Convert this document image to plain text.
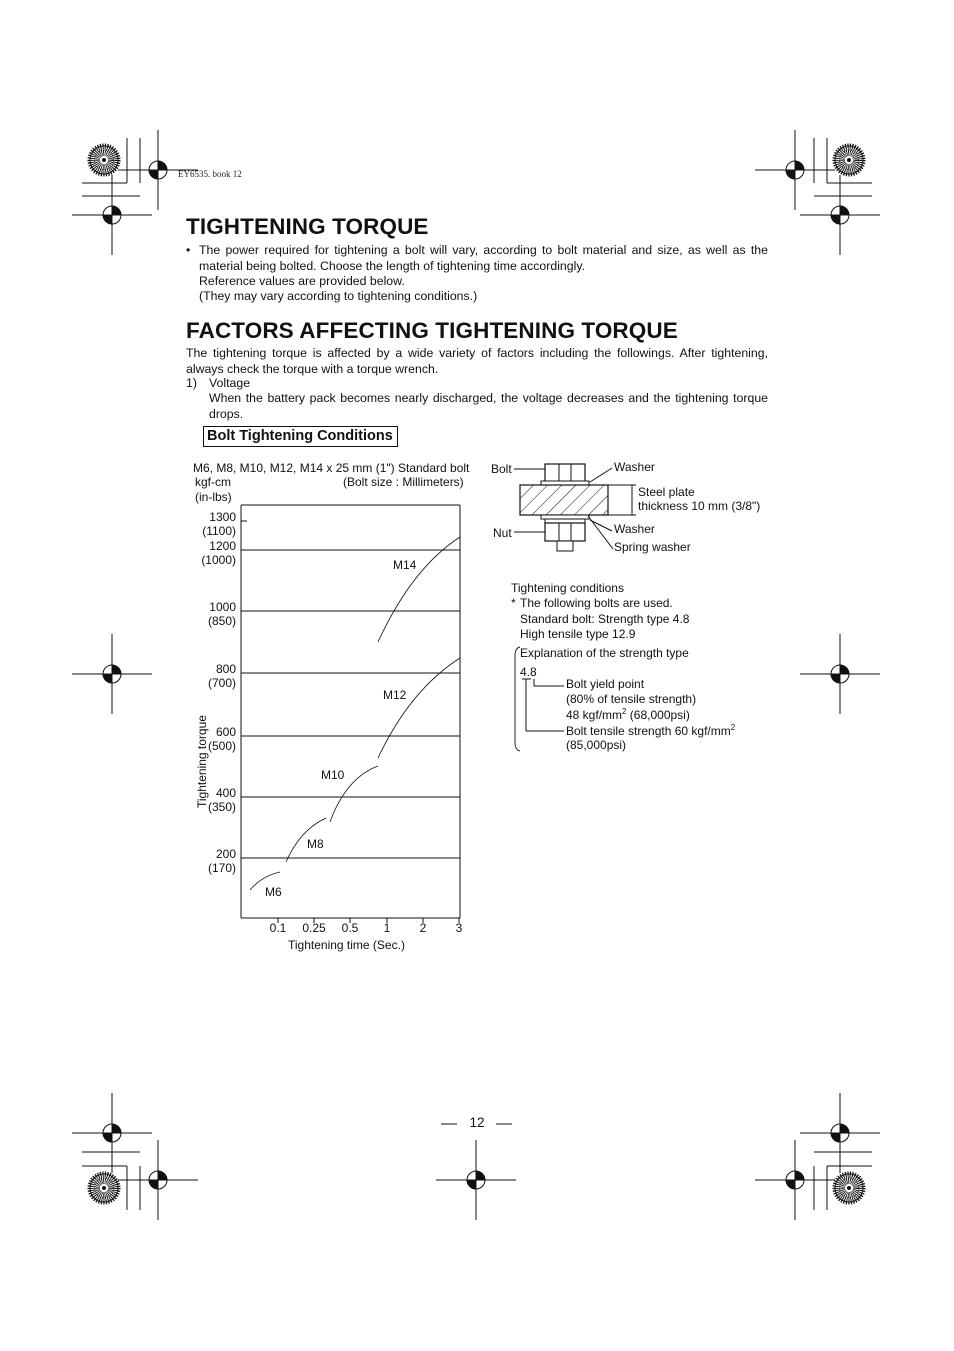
EY6535. book 12
TIGHTENING TORQUE
• The power required for tightening a bolt will vary, according to bolt material and size, as well as the material being bolted. Choose the length of tightening time accordingly.
Reference values are provided below.
(They may vary according to tightening conditions.)
FACTORS AFFECTING TIGHTENING TORQUE
The tightening torque is affected by a wide variety of factors including the followings. After tightening, always check the torque with a torque wrench.
1) Voltage
When the battery pack becomes nearly discharged, the voltage decreases and the tightening torque drops.
Bolt Tightening Conditions
M6, M8, M10, M12, M14 x 25 mm (1") Standard bolt
(Bolt size : Millimeters)
kgf-cm
(in-lbs)
Tightening torque
Tightening time (Sec.)
1300
(1100)
1200
(1000)
1000
(850)
800
(700)
600
(500)
400
(350)
200
(170)
0.1	0.25	0.5	1	2	3
M6
M8
M10
M12
M14
Bolt
Nut
Washer
Steel plate
thickness 10 mm (3/8")
Washer
Spring washer
Tightening conditions
* The following bolts are used.
Standard bolt: Strength type 4.8
High tensile type 12.9
Explanation of the strength type
4.8
Bolt yield point
(80% of tensile strength)
48 kgf/$mm^2$ (68,000psi)
Bolt tensile strength 60 kgf/$mm^2$
(85,000psi)
12
